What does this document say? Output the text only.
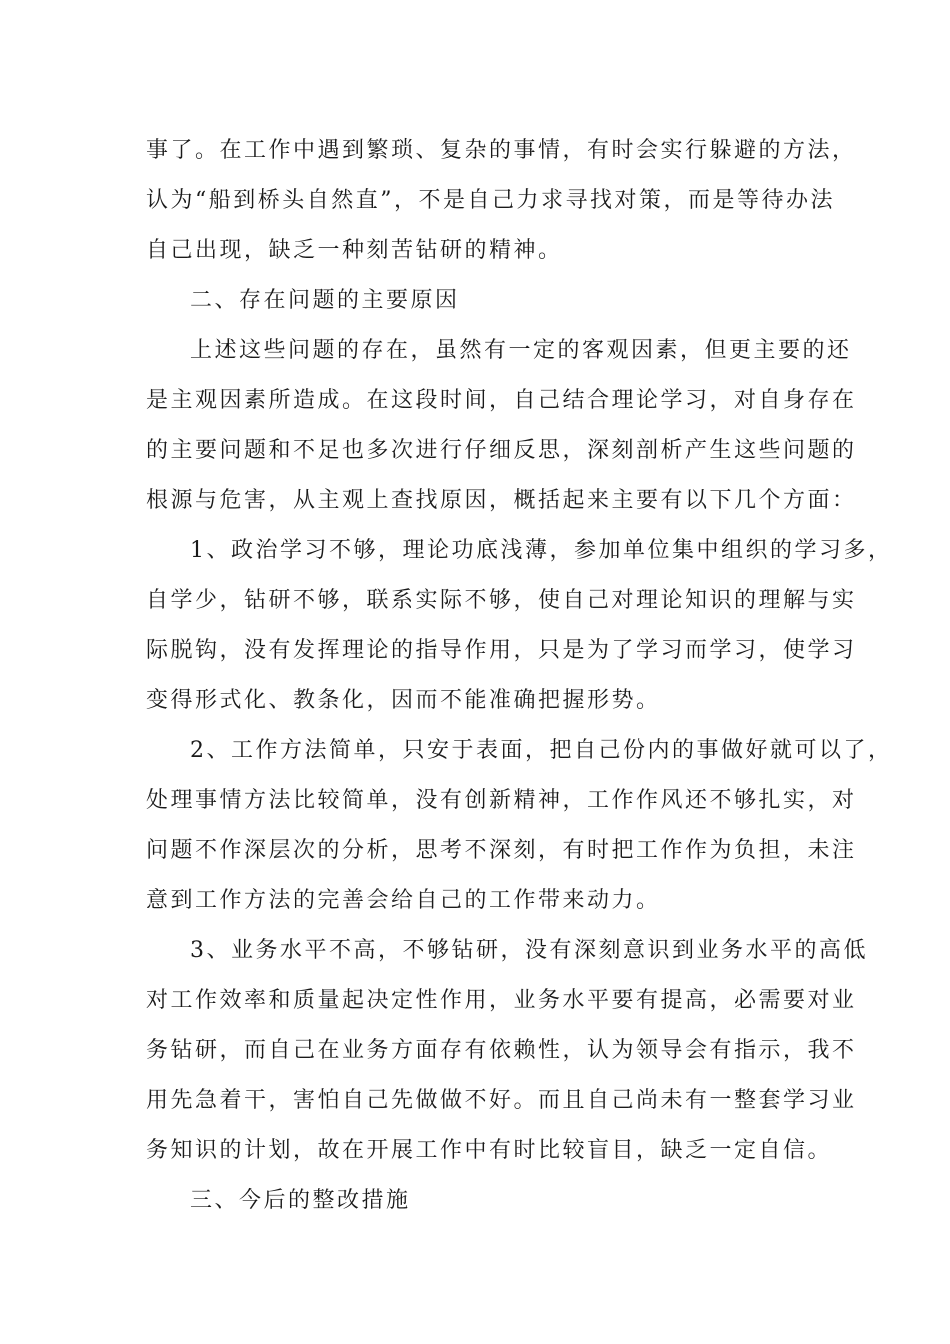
事了。在工作中遇到繁琐、复杂的事情，有时会实行躲避的方法，
认为“船到桥头自然直”，不是自己力求寻找对策，而是等待办法
自己出现，缺乏一种刻苦钻研的精神。
二、存在问题的主要原因
上述这些问题的存在，虽然有一定的客观因素，但更主要的还
是主观因素所造成。在这段时间，自己结合理论学习，对自身存在
的主要问题和不足也多次进行仔细反思，深刻剖析产生这些问题的
根源与危害，从主观上查找原因，概括起来主要有以下几个方面：
1、政治学习不够，理论功底浅薄，参加单位集中组织的学习多，
自学少，钻研不够，联系实际不够，使自己对理论知识的理解与实
际脱钩，没有发挥理论的指导作用，只是为了学习而学习，使学习
变得形式化、教条化，因而不能准确把握形势。
2、工作方法简单，只安于表面，把自己份内的事做好就可以了，
处理事情方法比较简单，没有创新精神，工作作风还不够扎实，对
问题不作深层次的分析，思考不深刻，有时把工作作为负担，未注
意到工作方法的完善会给自己的工作带来动力。
3、业务水平不高，不够钻研，没有深刻意识到业务水平的高低
对工作效率和质量起决定性作用，业务水平要有提高，必需要对业
务钻研，而自己在业务方面存有依赖性，认为领导会有指示，我不
用先急着干，害怕自己先做做不好。而且自己尚未有一整套学习业
务知识的计划，故在开展工作中有时比较盲目，缺乏一定自信。
三、今后的整改措施
